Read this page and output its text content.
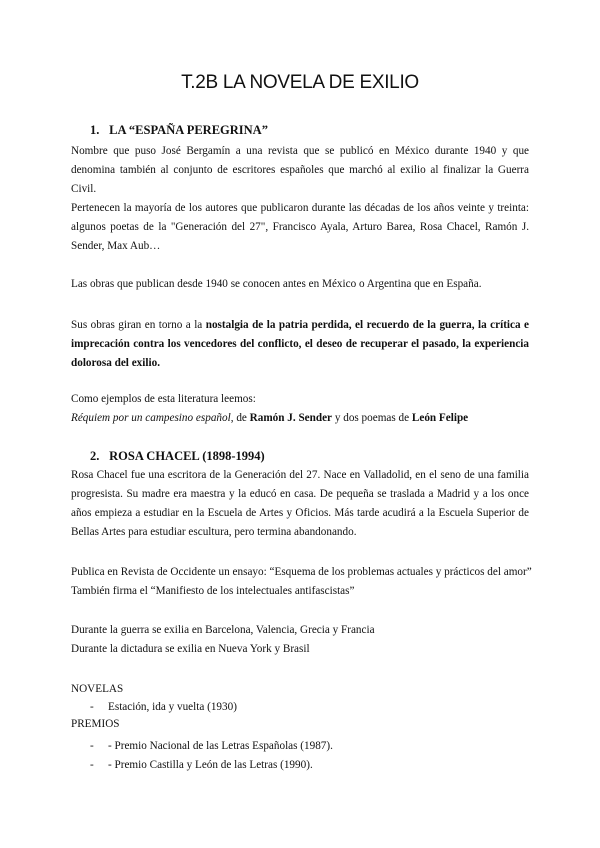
T.2B LA NOVELA DE EXILIO
1. LA “ESPAÑA PEREGRINA”
Nombre que puso José Bergamín a una revista que se publicó en México durante 1940 y que denomina también al conjunto de escritores españoles que marchó al exilio al finalizar la Guerra Civil.
Pertenecen la mayoría de los autores que publicaron durante las décadas de los años veinte y treinta: algunos poetas de la "Generación del 27", Francisco Ayala, Arturo Barea, Rosa Chacel, Ramón J. Sender, Max Aub…
Las obras que publican desde 1940 se conocen antes en México o Argentina que en España.
Sus obras giran en torno a la nostalgia de la patria perdida, el recuerdo de la guerra, la crítica e imprecación contra los vencedores del conflicto, el deseo de recuperar el pasado, la experiencia dolorosa del exilio.
Como ejemplos de esta literatura leemos:
Réquiem por un campesino español, de Ramón J. Sender y dos poemas de León Felipe
2. ROSA CHACEL (1898-1994)
Rosa Chacel fue una escritora de la Generación del 27. Nace en Valladolid, en el seno de una familia progresista. Su madre era maestra y la educó en casa. De pequeña se traslada a Madrid y a los once años empieza a estudiar en la Escuela de Artes y Oficios. Más tarde acudirá a la Escuela Superior de Bellas Artes para estudiar escultura, pero termina abandonando.
Publica en Revista de Occidente un ensayo: “Esquema de los problemas actuales y prácticos del amor”
También firma el “Manifiesto de los intelectuales antifascistas”
Durante la guerra se exilia en Barcelona, Valencia, Grecia y Francia
Durante la dictadura se exilia en Nueva York y Brasil
NOVELAS
- Estación, ida y vuelta (1930)
PREMIOS
- - Premio Nacional de las Letras Españolas (1987).
- - Premio Castilla y León de las Letras (1990).
